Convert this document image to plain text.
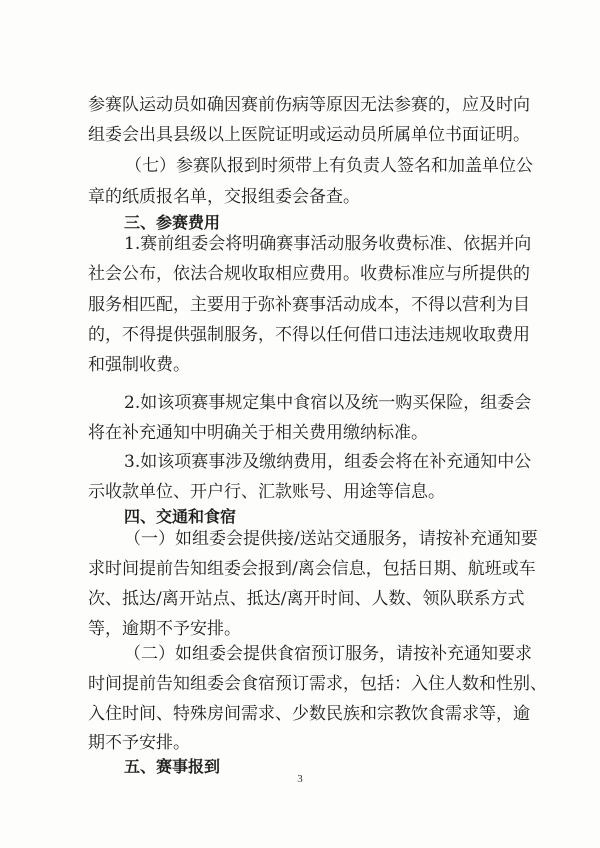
参赛队运动员如确因赛前伤病等原因无法参赛的，应及时向

组委会出具县级以上医院证明或运动员所属单位书面证明。

（七）参赛队报到时须带上有负责人签名和加盖单位公

章的纸质报名单，交报组委会备查。

三、参赛费用

1.赛前组委会将明确赛事活动服务收费标准、依据并向

社会公布，依法合规收取相应费用。收费标准应与所提供的

服务相匹配，主要用于弥补赛事活动成本，不得以营利为目

的，不得提供强制服务，不得以任何借口违法违规收取费用

和强制收费。

2.如该项赛事规定集中食宿以及统一购买保险，组委会

将在补充通知中明确关于相关费用缴纳标准。

3.如该项赛事涉及缴纳费用，组委会将在补充通知中公

示收款单位、开户行、汇款账号、用途等信息。

四、交通和食宿

（一）如组委会提供接/送站交通服务，请按补充通知要

求时间提前告知组委会报到/离会信息，包括日期、航班或车

次、抵达/离开站点、抵达/离开时间、人数、领队联系方式

等，逾期不予安排。

（二）如组委会提供食宿预订服务，请按补充通知要求

时间提前告知组委会食宿预订需求，包括：入住人数和性别、

入住时间、特殊房间需求、少数民族和宗教饮食需求等，逾

期不予安排。

五、赛事报到

3
